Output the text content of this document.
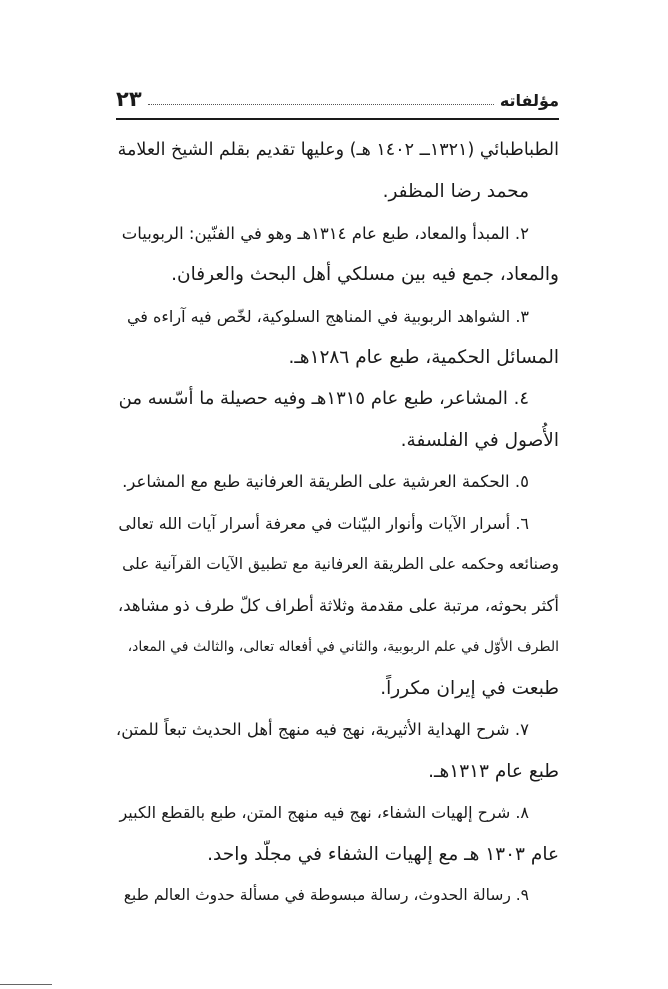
مؤلفاته
٢٣
الطباطبائي (١٣٢١ــ ١٤٠٢ هـ) وعليها تقديم بقلم الشيخ العلامة
محمد رضا المظفر.
٢. المبدأ والمعاد، طبع عام ١٣١٤هـ وهو في الفنّين: الربوبيات
والمعاد، جمع فيه بين مسلكي أهل البحث والعرفان.
٣. الشواهد الربوبية في المناهج السلوكية، لخّص فيه آراءه في
المسائل الحكمية، طبع عام ١٢٨٦هـ.
٤. المشاعر، طبع عام ١٣١٥هـ وفيه حصيلة ما أسّسه من
الأُصول في الفلسفة.
٥. الحكمة العرشية على الطريقة العرفانية طبع مع المشاعر.
٦. أسرار الآيات وأنوار البيّنات في معرفة أسرار آيات الله تعالى
وصنائعه وحكمه على الطريقة العرفانية مع تطبيق الآيات القرآنية على
أكثر بحوثه، مرتبة على مقدمة وثلاثة أطراف كلّ طرف ذو مشاهد،
الطرف الأوّل في علم الربوبية، والثاني في أفعاله تعالى، والثالث في المعاد،
طبعت في إيران مكرراً.
٧. شرح الهداية الأثيرية، نهج فيه منهج أهل الحديث تبعاً للمتن،
طبع عام ١٣١٣هـ.
٨. شرح إلهيات الشفاء، نهج فيه منهج المتن، طبع بالقطع الكبير
عام ١٣٠٣ هـ مع إلهيات الشفاء في مجلّد واحد.
٩. رسالة الحدوث، رسالة مبسوطة في مسألة حدوث العالم طبع
